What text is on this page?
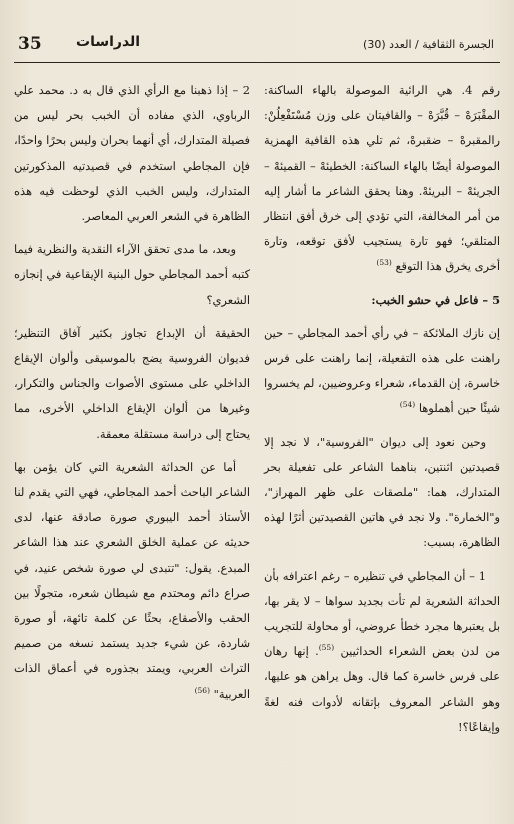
35 الدراسات	الجسرة الثقافية / العدد (30)

رقم 4. هي الرائية الموصولة بالهاء الساكنة: المقْبَرَهْ – قُبَّرَهْ – والقافيتان على وزن مُسْتَفْعِلُنْ: رالمقبرهْ – ضقبرهْ، ثم تلي هذه القافية الهمزية الموصولة أيضًا بالهاء الساكنة: الخطيئهْ – القميئهْ – الجريئهْ – البريئهْ. وهنا يحقق الشاعر ما أشار إليه من أمر المخالفة، التي تؤدي إلى خرق أفق انتظار المتلقي؛ فهو تارة يستجيب لأفق توقعه، وتارة أخرى يخرق هذا التوقع $^{(53)}$

5 – فاعل في حشو الخبب:

إن نازك الملائكة – في رأي أحمد المجاطي – حين راهنت على هذه التفعيلة، إنما راهنت على فرس خاسرة، إن القدماء، شعراء وعروضيين، لم يخسروا شيئًا حين أهملوها $^{(54)}$

وحين نعود إلى ديوان "الفروسية"، لا نجد إلا قصيدتين اثنتين، بناهما الشاعر على تفعيلة بحر المتدارك، هما: "ملصقات على ظهر المهراز"، و"الخمارة". ولا نجد في هاتين القصيدتين أثرًا لهذه الظاهرة، بسبب:

1 – أن المجاطي في تنظيره – رغم اعترافه بأن الحداثة الشعرية لم تأت بجديد سواها – لا يقر بها، بل يعتبرها مجرد خطأ عروضي، أو محاولة للتجريب من لدن بعض الشعراء الحداثيين $^{(55)}$. إنها رهان على فرس خاسرة كما قال. وهل يراهن هو عليها، وهو الشاعر المعروف بإتقانه لأدوات فنه لغةً وإيقاعًا؟!

2 – إذا ذهبنا مع الرأي الذي قال به د. محمد علي الرباوي، الذي مفاده أن الخبب بحر ليس من فصيلة المتدارك، أي أنهما بحران وليس بحرًا واحدًا، فإن المجاطي استخدم في قصيدتيه المذكورتين المتدارك، وليس الخبب الذي لوحظت فيه هذه الظاهرة في الشعر العربي المعاصر.

وبعد، ما مدى تحقق الآراء النقدية والنظرية فيما كتبه أحمد المجاطي حول البنية الإيقاعية في إنجازه الشعري؟

الحقيقة أن الإبداع تجاوز بكثير آفاق التنظير؛ فديوان الفروسية يضج بالموسيقى وألوان الإيقاع الداخلي على مستوى الأصوات والجناس والتكرار، وغيرها من ألوان الإيقاع الداخلي الأخرى، مما يحتاج إلى دراسة مستقلة معمقة.

أما عن الحداثة الشعرية التي كان يؤمن بها الشاعر الباحث أحمد المجاطي، فهي التي يقدم لنا الأستاذ أحمد اليبوري صورة صادقة عنها، لدى حديثه عن عملية الخلق الشعري عند هذا الشاعر المبدع. يقول: "تتبدى لي صورة شخص عنيد، في صراع دائم ومحتدم مع شيطان شعره، متجولًا بين الحقب والأصقاع، بحثًا عن كلمة تائهة، أو صورة شاردة، عن شيء جديد يستمد نسغه من صميم التراث العربي، ويمتد بجذوره في أعماق الذات العربية" $^{(56)}$
